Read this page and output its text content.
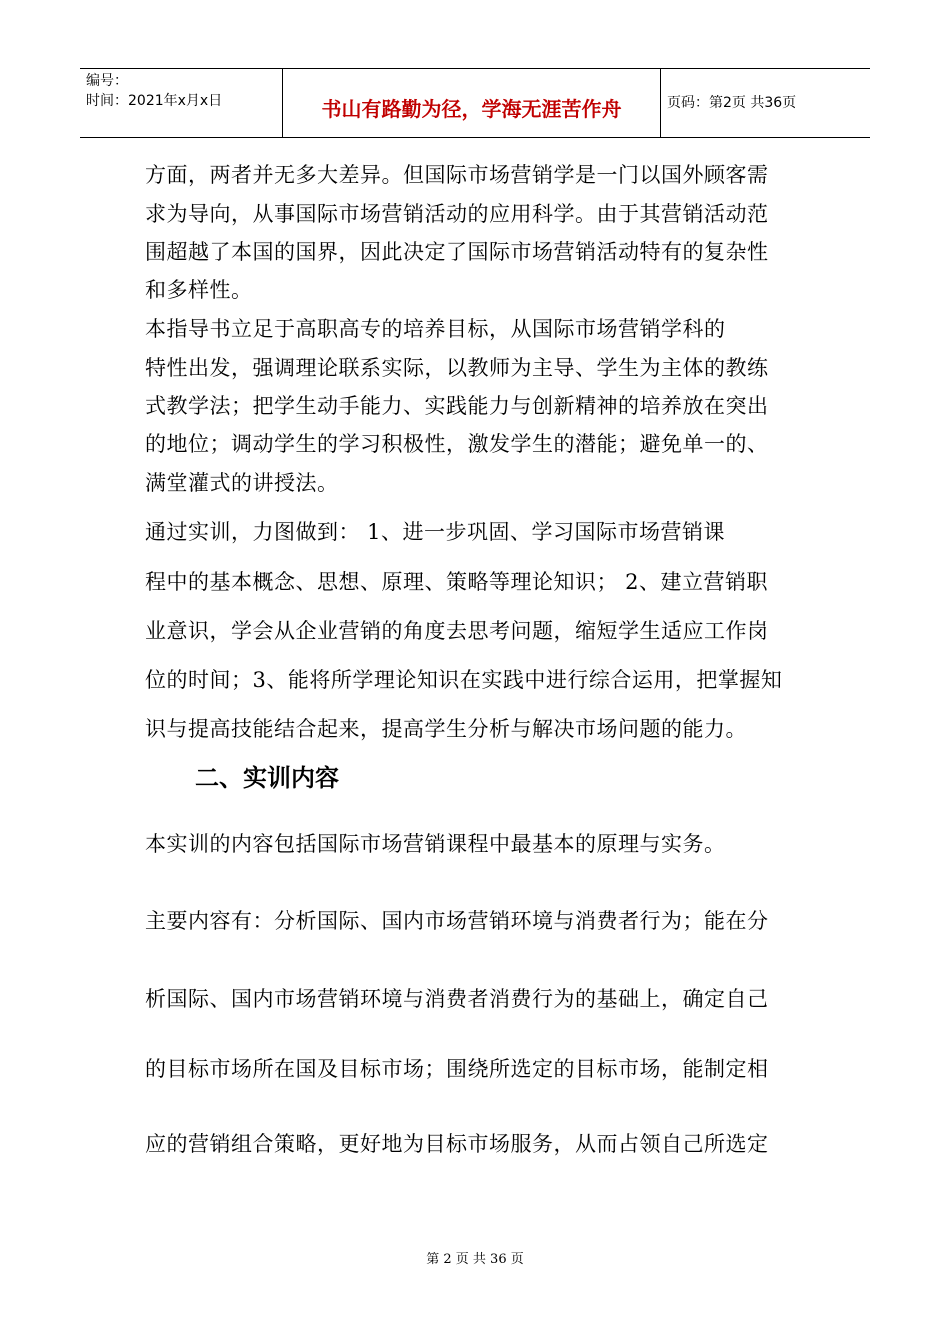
编号：
时间：2021年x月x日	书山有路勤为径，学海无涯苦作舟	页码：第2页 共36页
方面，两者并无多大差异。但国际市场营销学是一门以国外顾客需
求为导向，从事国际市场营销活动的应用科学。由于其营销活动范
围超越了本国的国界，因此决定了国际市场营销活动特有的复杂性
和多样性。
本指导书立足于高职高专的培养目标，从国际市场营销学科的
特性出发，强调理论联系实际，以教师为主导、学生为主体的教练
式教学法；把学生动手能力、实践能力与创新精神的培养放在突出
的地位；调动学生的学习积极性，激发学生的潜能；避免单一的、
满堂灌式的讲授法。
通过实训，力图做到： 1、进一步巩固、学习国际市场营销课
程中的基本概念、思想、原理、策略等理论知识； 2、建立营销职
业意识，学会从企业营销的角度去思考问题，缩短学生适应工作岗
位的时间；3、能将所学理论知识在实践中进行综合运用，把掌握知
识与提高技能结合起来，提高学生分析与解决市场问题的能力。
二、实训内容
本实训的内容包括国际市场营销课程中最基本的原理与实务。
主要内容有：分析国际、国内市场营销环境与消费者行为；能在分
析国际、国内市场营销环境与消费者消费行为的基础上，确定自己
的目标市场所在国及目标市场；围绕所选定的目标市场，能制定相
应的营销组合策略，更好地为目标市场服务，从而占领自己所选定
第 2 页 共 36 页
